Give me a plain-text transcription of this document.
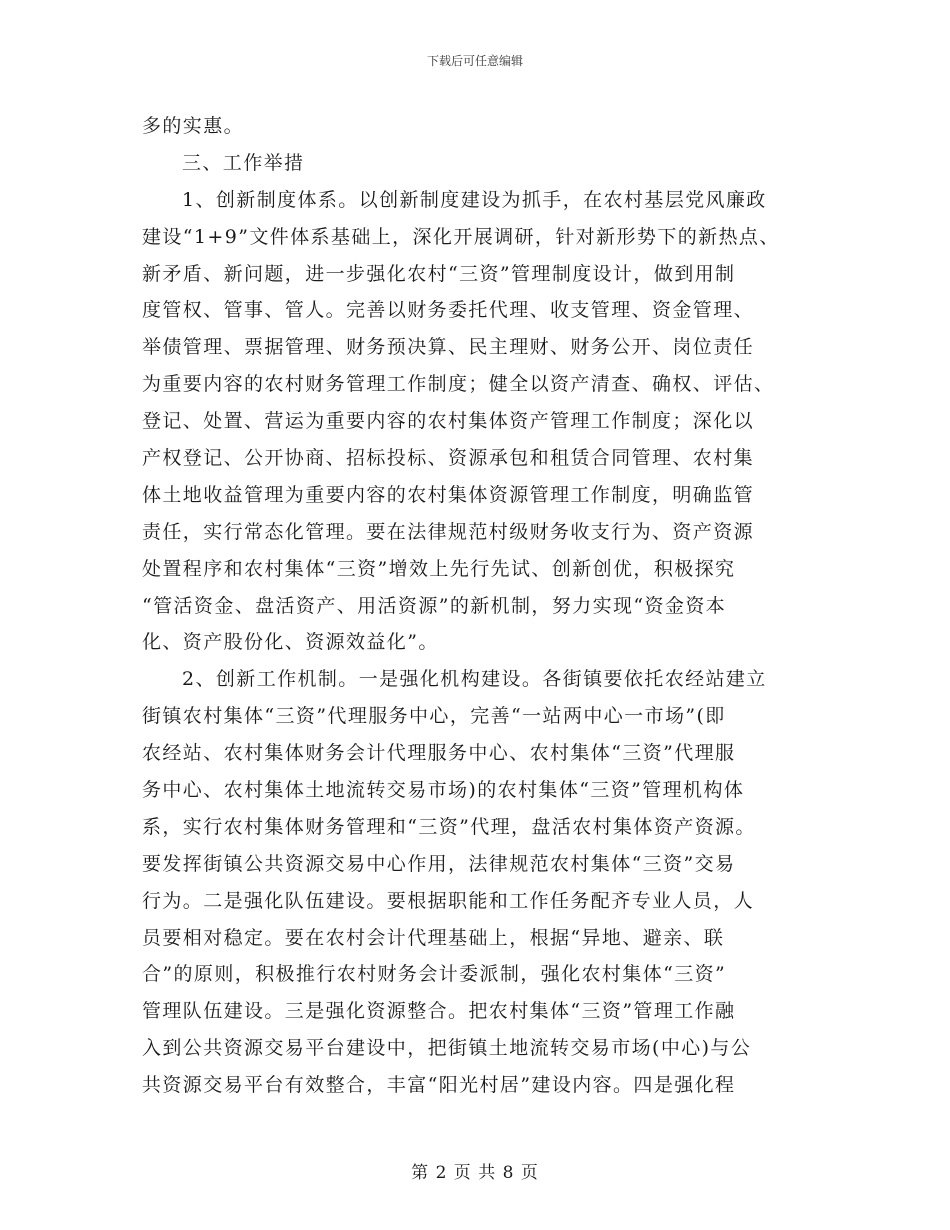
下载后可任意编辑
多的实惠。
三、工作举措
1、创新制度体系。以创新制度建设为抓手，在农村基层党风廉政
建设“1+9”文件体系基础上，深化开展调研，针对新形势下的新热点、
新矛盾、新问题，进一步强化农村“三资”管理制度设计，做到用制
度管权、管事、管人。完善以财务委托代理、收支管理、资金管理、
举债管理、票据管理、财务预决算、民主理财、财务公开、岗位责任
为重要内容的农村财务管理工作制度；健全以资产清查、确权、评估、
登记、处置、营运为重要内容的农村集体资产管理工作制度；深化以
产权登记、公开协商、招标投标、资源承包和租赁合同管理、农村集
体土地收益管理为重要内容的农村集体资源管理工作制度，明确监管
责任，实行常态化管理。要在法律规范村级财务收支行为、资产资源
处置程序和农村集体“三资”增效上先行先试、创新创优，积极探究
“管活资金、盘活资产、用活资源”的新机制，努力实现“资金资本
化、资产股份化、资源效益化”。
2、创新工作机制。一是强化机构建设。各街镇要依托农经站建立
街镇农村集体“三资”代理服务中心，完善“一站两中心一市场”(即
农经站、农村集体财务会计代理服务中心、农村集体“三资”代理服
务中心、农村集体土地流转交易市场)的农村集体“三资”管理机构体
系，实行农村集体财务管理和“三资”代理，盘活农村集体资产资源。
要发挥街镇公共资源交易中心作用，法律规范农村集体“三资”交易
行为。二是强化队伍建设。要根据职能和工作任务配齐专业人员，人
员要相对稳定。要在农村会计代理基础上，根据“异地、避亲、联
合”的原则，积极推行农村财务会计委派制，强化农村集体“三资”
管理队伍建设。三是强化资源整合。把农村集体“三资”管理工作融
入到公共资源交易平台建设中，把街镇土地流转交易市场(中心)与公
共资源交易平台有效整合，丰富“阳光村居”建设内容。四是强化程
第 2 页 共 8 页
